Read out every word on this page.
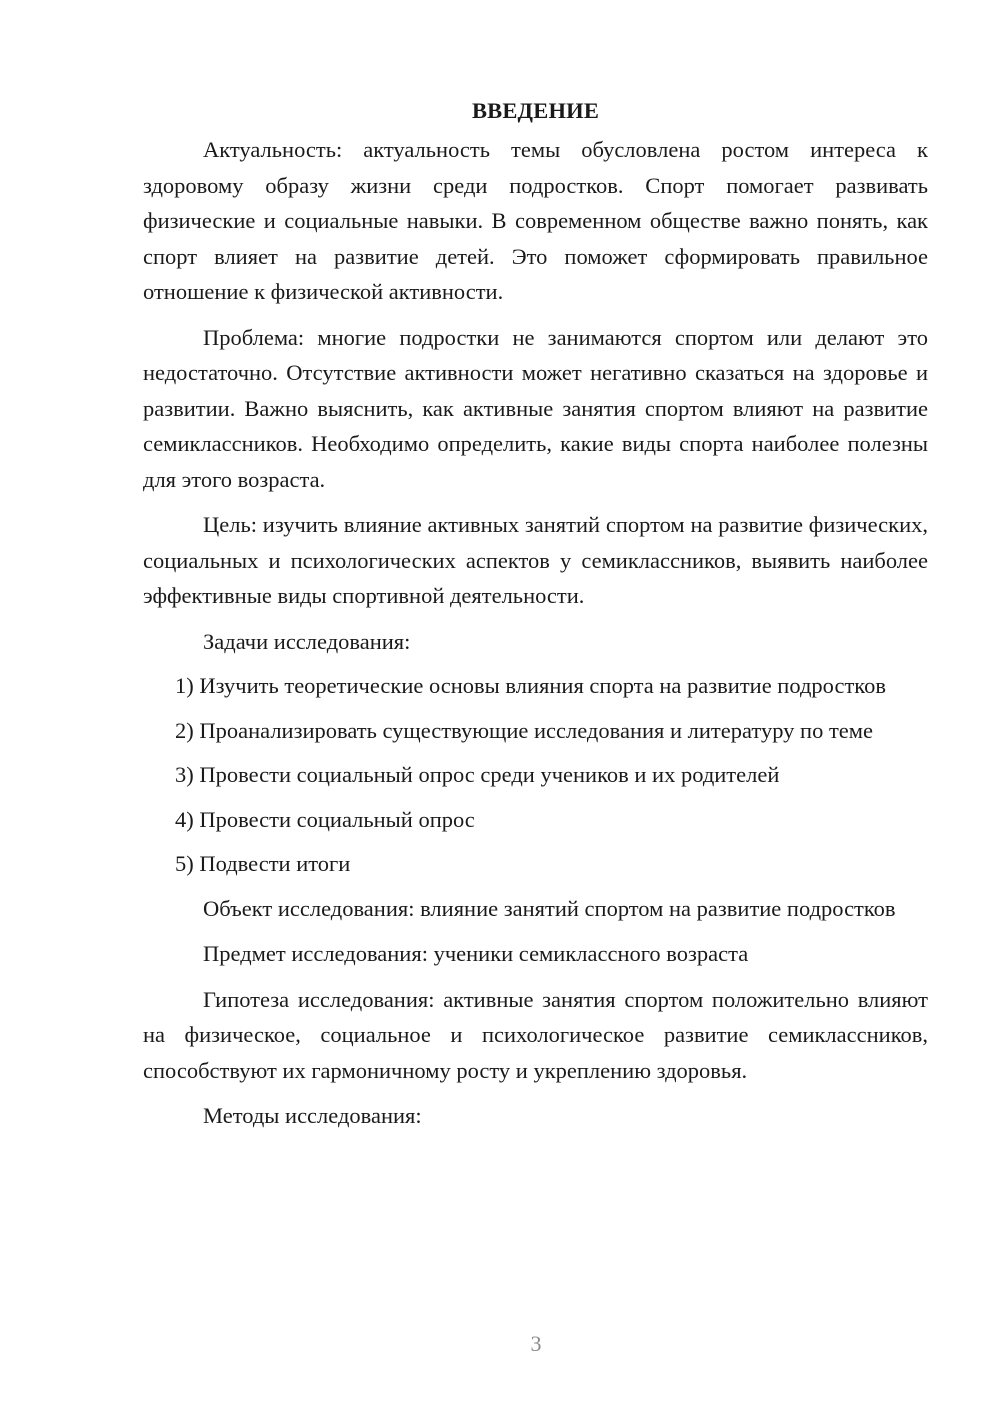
ВВЕДЕНИЕ

Актуальность: актуальность темы обусловлена ростом интереса к здоровому образу жизни среди подростков. Спорт помогает развивать физические и социальные навыки. В современном обществе важно понять, как спорт влияет на развитие детей. Это поможет сформировать правильное отношение к физической активности.

Проблема: многие подростки не занимаются спортом или делают это недостаточно. Отсутствие активности может негативно сказаться на здоровье и развитии. Важно выяснить, как активные занятия спортом влияют на развитие семиклассников. Необходимо определить, какие виды спорта наиболее полезны для этого возраста.

Цель: изучить влияние активных занятий спортом на развитие физических, социальных и психологических аспектов у семиклассников, выявить наиболее эффективные виды спортивной деятельности.

Задачи исследования:

1) Изучить теоретические основы влияния спорта на развитие подростков

2) Проанализировать существующие исследования и литературу по теме

3) Провести социальный опрос среди учеников и их родителей

4) Провести социальный опрос

5) Подвести итоги

Объект исследования: влияние занятий спортом на развитие подростков

Предмет исследования: ученики семиклассного возраста

Гипотеза исследования: активные занятия спортом положительно влияют на физическое, социальное и психологическое развитие семиклассников, способствуют их гармоничному росту и укреплению здоровья.

Методы исследования:

3
